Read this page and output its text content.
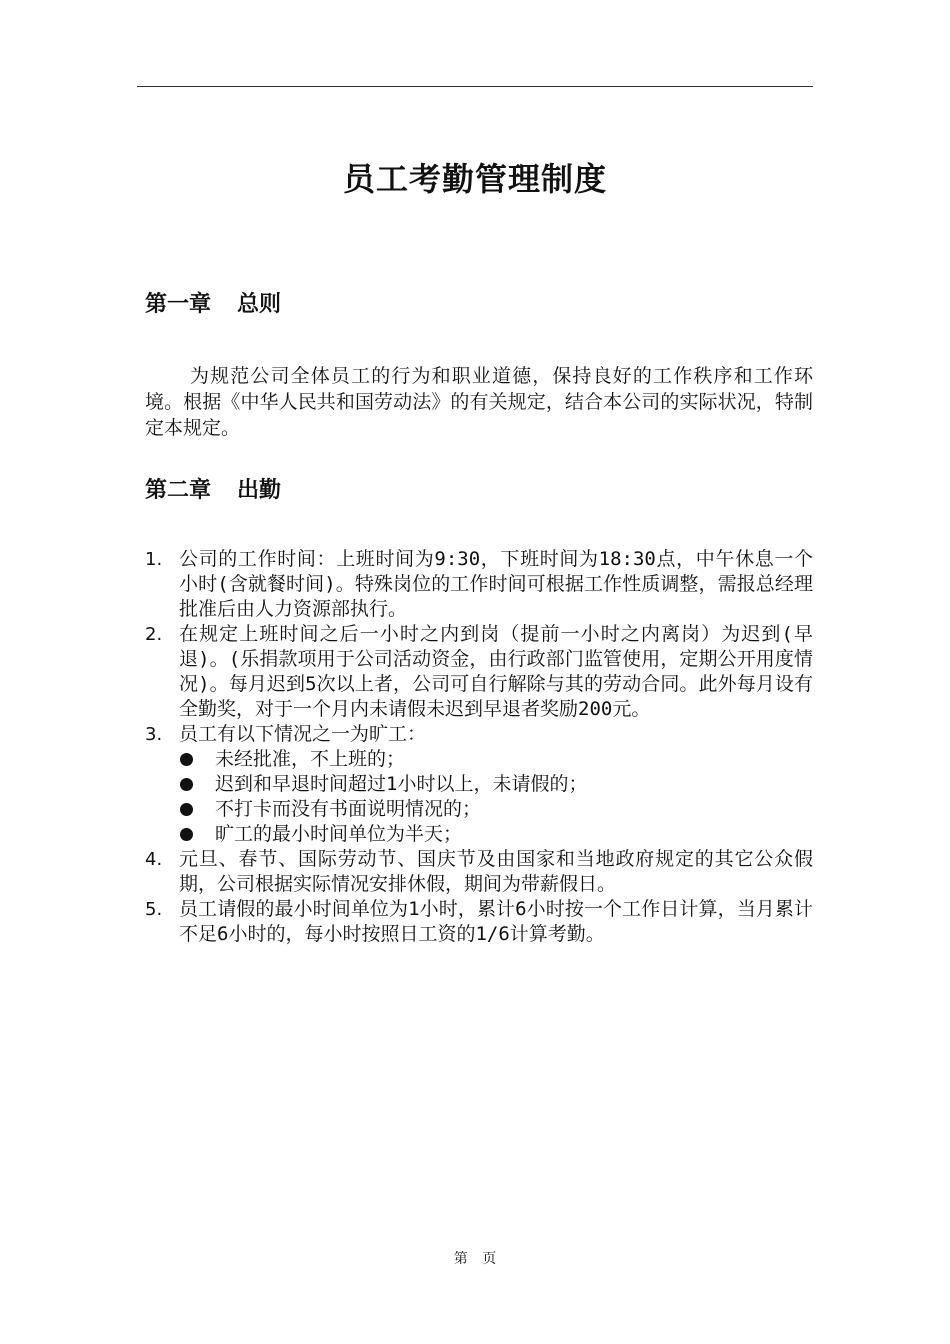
员工考勤管理制度
第一章 总则

为规范公司全体员工的行为和职业道德，保持良好的工作秩序和工作环境。根据《中华人民共和国劳动法》的有关规定，结合本公司的实际状况，特制定本规定。

第二章 出勤
1. 公司的工作时间：上班时间为9:30，下班时间为18:30点，中午休息一个小时(含就餐时间)。特殊岗位的工作时间可根据工作性质调整，需报总经理批准后由人力资源部执行。
2. 在规定上班时间之后一小时之内到岗（提前一小时之内离岗）为迟到(早退)。(乐捐款项用于公司活动资金，由行政部门监管使用，定期公开用度情况)。每月迟到5次以上者，公司可自行解除与其的劳动合同。此外每月设有全勤奖，对于一个月内未请假未迟到早退者奖励200元。
3. 员工有以下情况之一为旷工：
未经批准，不上班的；
迟到和早退时间超过1小时以上，未请假的；
不打卡而没有书面说明情况的；
旷工的最小时间单位为半天；
4. 元旦、春节、国际劳动节、国庆节及由国家和当地政府规定的其它公众假期，公司根据实际情况安排休假，期间为带薪假日。
5. 员工请假的最小时间单位为1小时，累计6小时按一个工作日计算，当月累计不足6小时的，每小时按照日工资的1/6计算考勤。
第 页
